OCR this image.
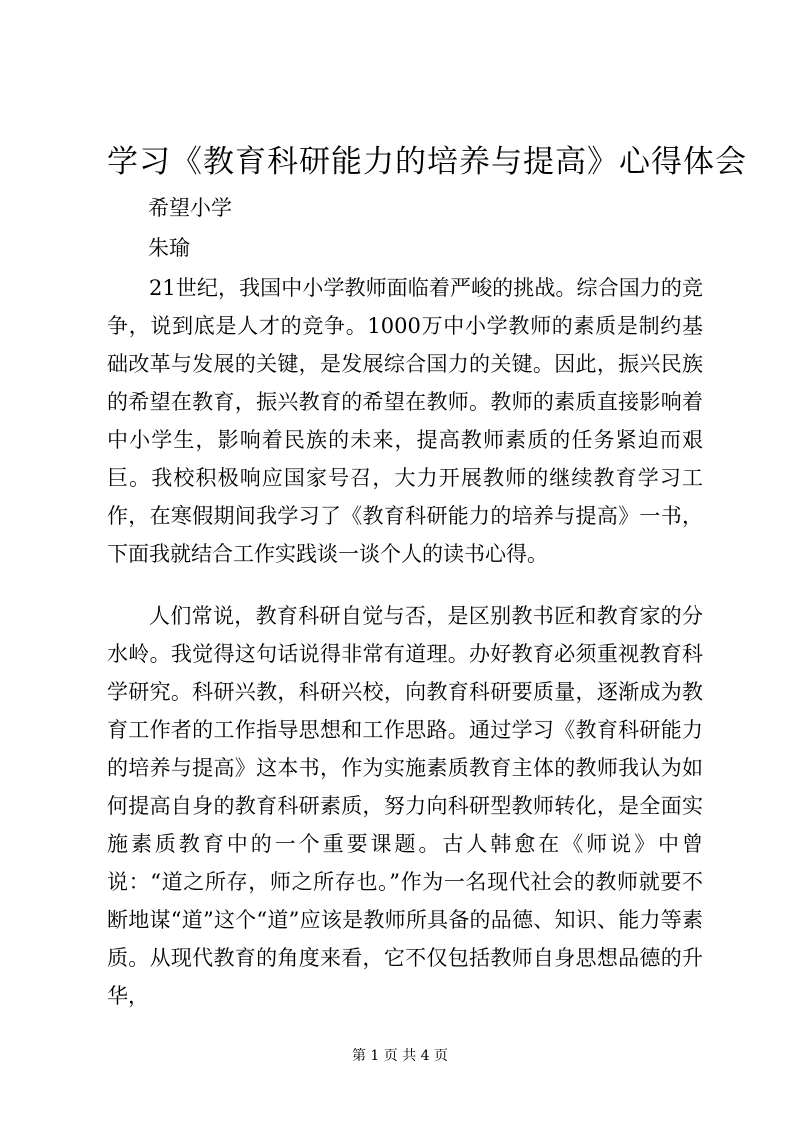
学习《教育科研能力的培养与提高》心得体会
希望小学
朱瑜

21世纪，我国中小学教师面临着严峻的挑战。综合国力的竞争，说到底是人才的竞争。1000万中小学教师的素质是制约基础改革与发展的关键，是发展综合国力的关键。因此，振兴民族的希望在教育，振兴教育的希望在教师。教师的素质直接影响着中小学生，影响着民族的未来，提高教师素质的任务紧迫而艰巨。我校积极响应国家号召，大力开展教师的继续教育学习工作，在寒假期间我学习了《教育科研能力的培养与提高》一书，下面我就结合工作实践谈一谈个人的读书心得。

人们常说，教育科研自觉与否，是区别教书匠和教育家的分水岭。我觉得这句话说得非常有道理。办好教育必须重视教育科学研究。科研兴教，科研兴校，向教育科研要质量，逐渐成为教育工作者的工作指导思想和工作思路。通过学习《教育科研能力的培养与提高》这本书，作为实施素质教育主体的教师我认为如何提高自身的教育科研素质，努力向科研型教师转化，是全面实施素质教育中的一个重要课题。古人韩愈在《师说》中曾说：“道之所存，师之所存也。”作为一名现代社会的教师就要不断地谋“道”这个“道”应该是教师所具备的品德、知识、能力等素质。从现代教育的角度来看，它不仅包括教师自身思想品德的升华，

第 1 页 共 4 页
